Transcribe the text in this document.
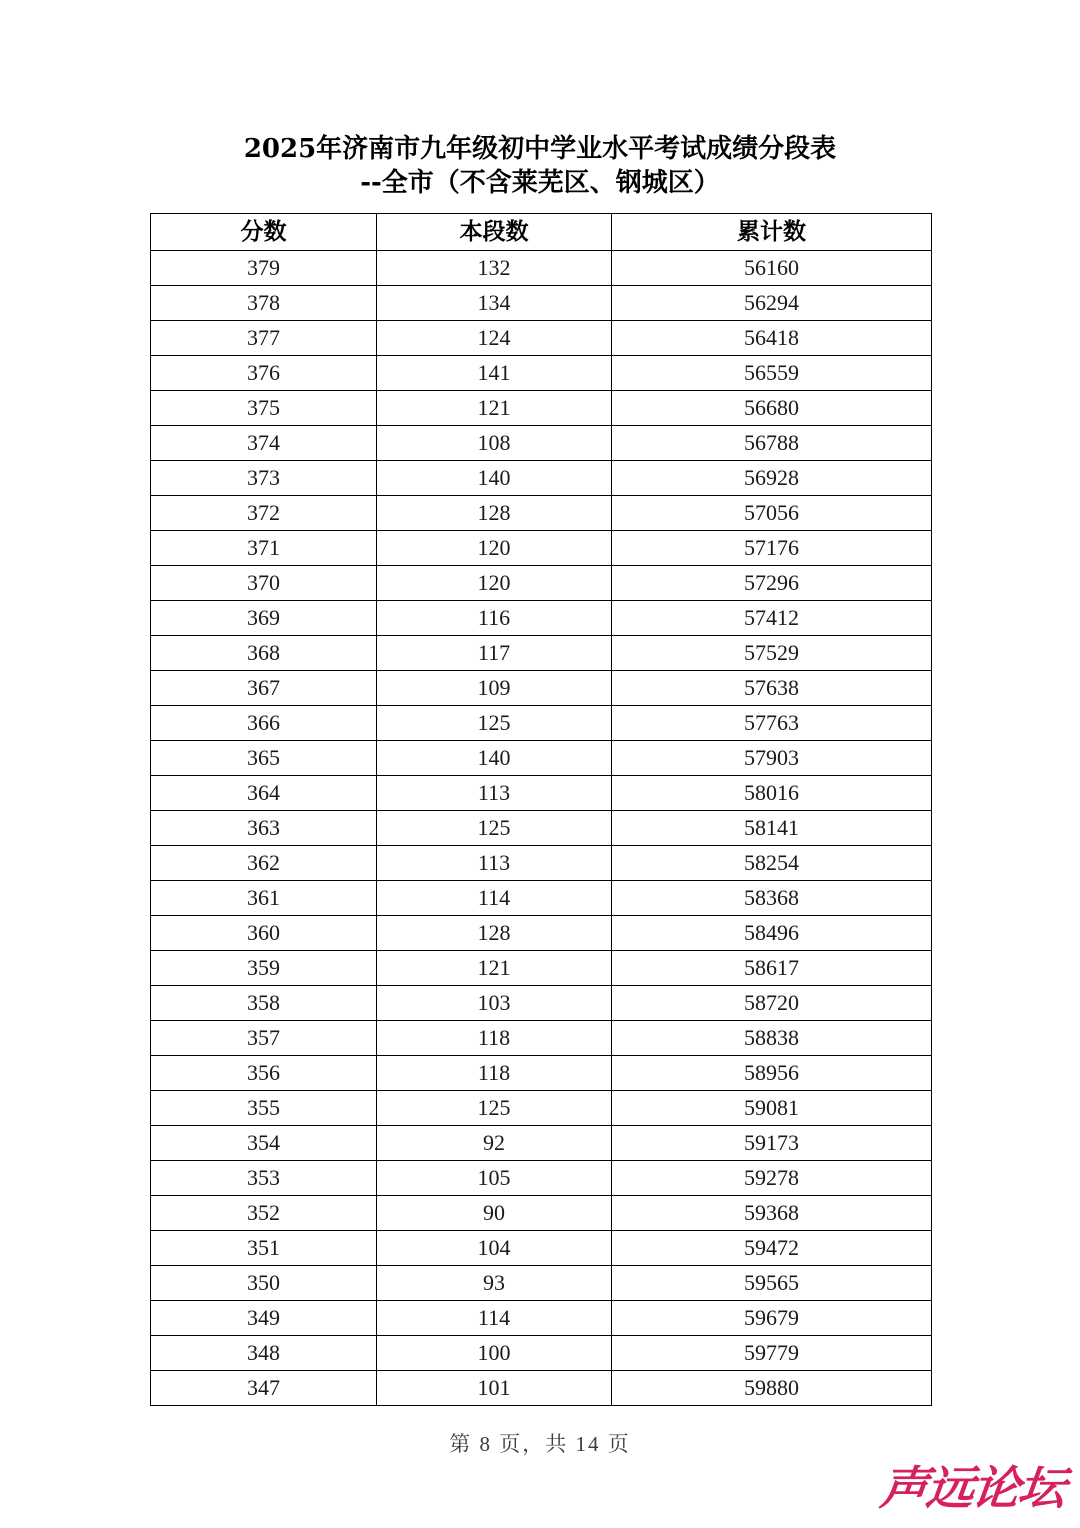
2025年济南市九年级初中学业水平考试成绩分段表
--全市（不含莱芜区、钢城区）
分数	本段数	累计数
379	132	56160
378	134	56294
377	124	56418
376	141	56559
375	121	56680
374	108	56788
373	140	56928
372	128	57056
371	120	57176
370	120	57296
369	116	57412
368	117	57529
367	109	57638
366	125	57763
365	140	57903
364	113	58016
363	125	58141
362	113	58254
361	114	58368
360	128	58496
359	121	58617
358	103	58720
357	118	58838
356	118	58956
355	125	59081
354	92	59173
353	105	59278
352	90	59368
351	104	59472
350	93	59565
349	114	59679
348	100	59779
347	101	59880
第 8 页，共 14 页
声远论坛
